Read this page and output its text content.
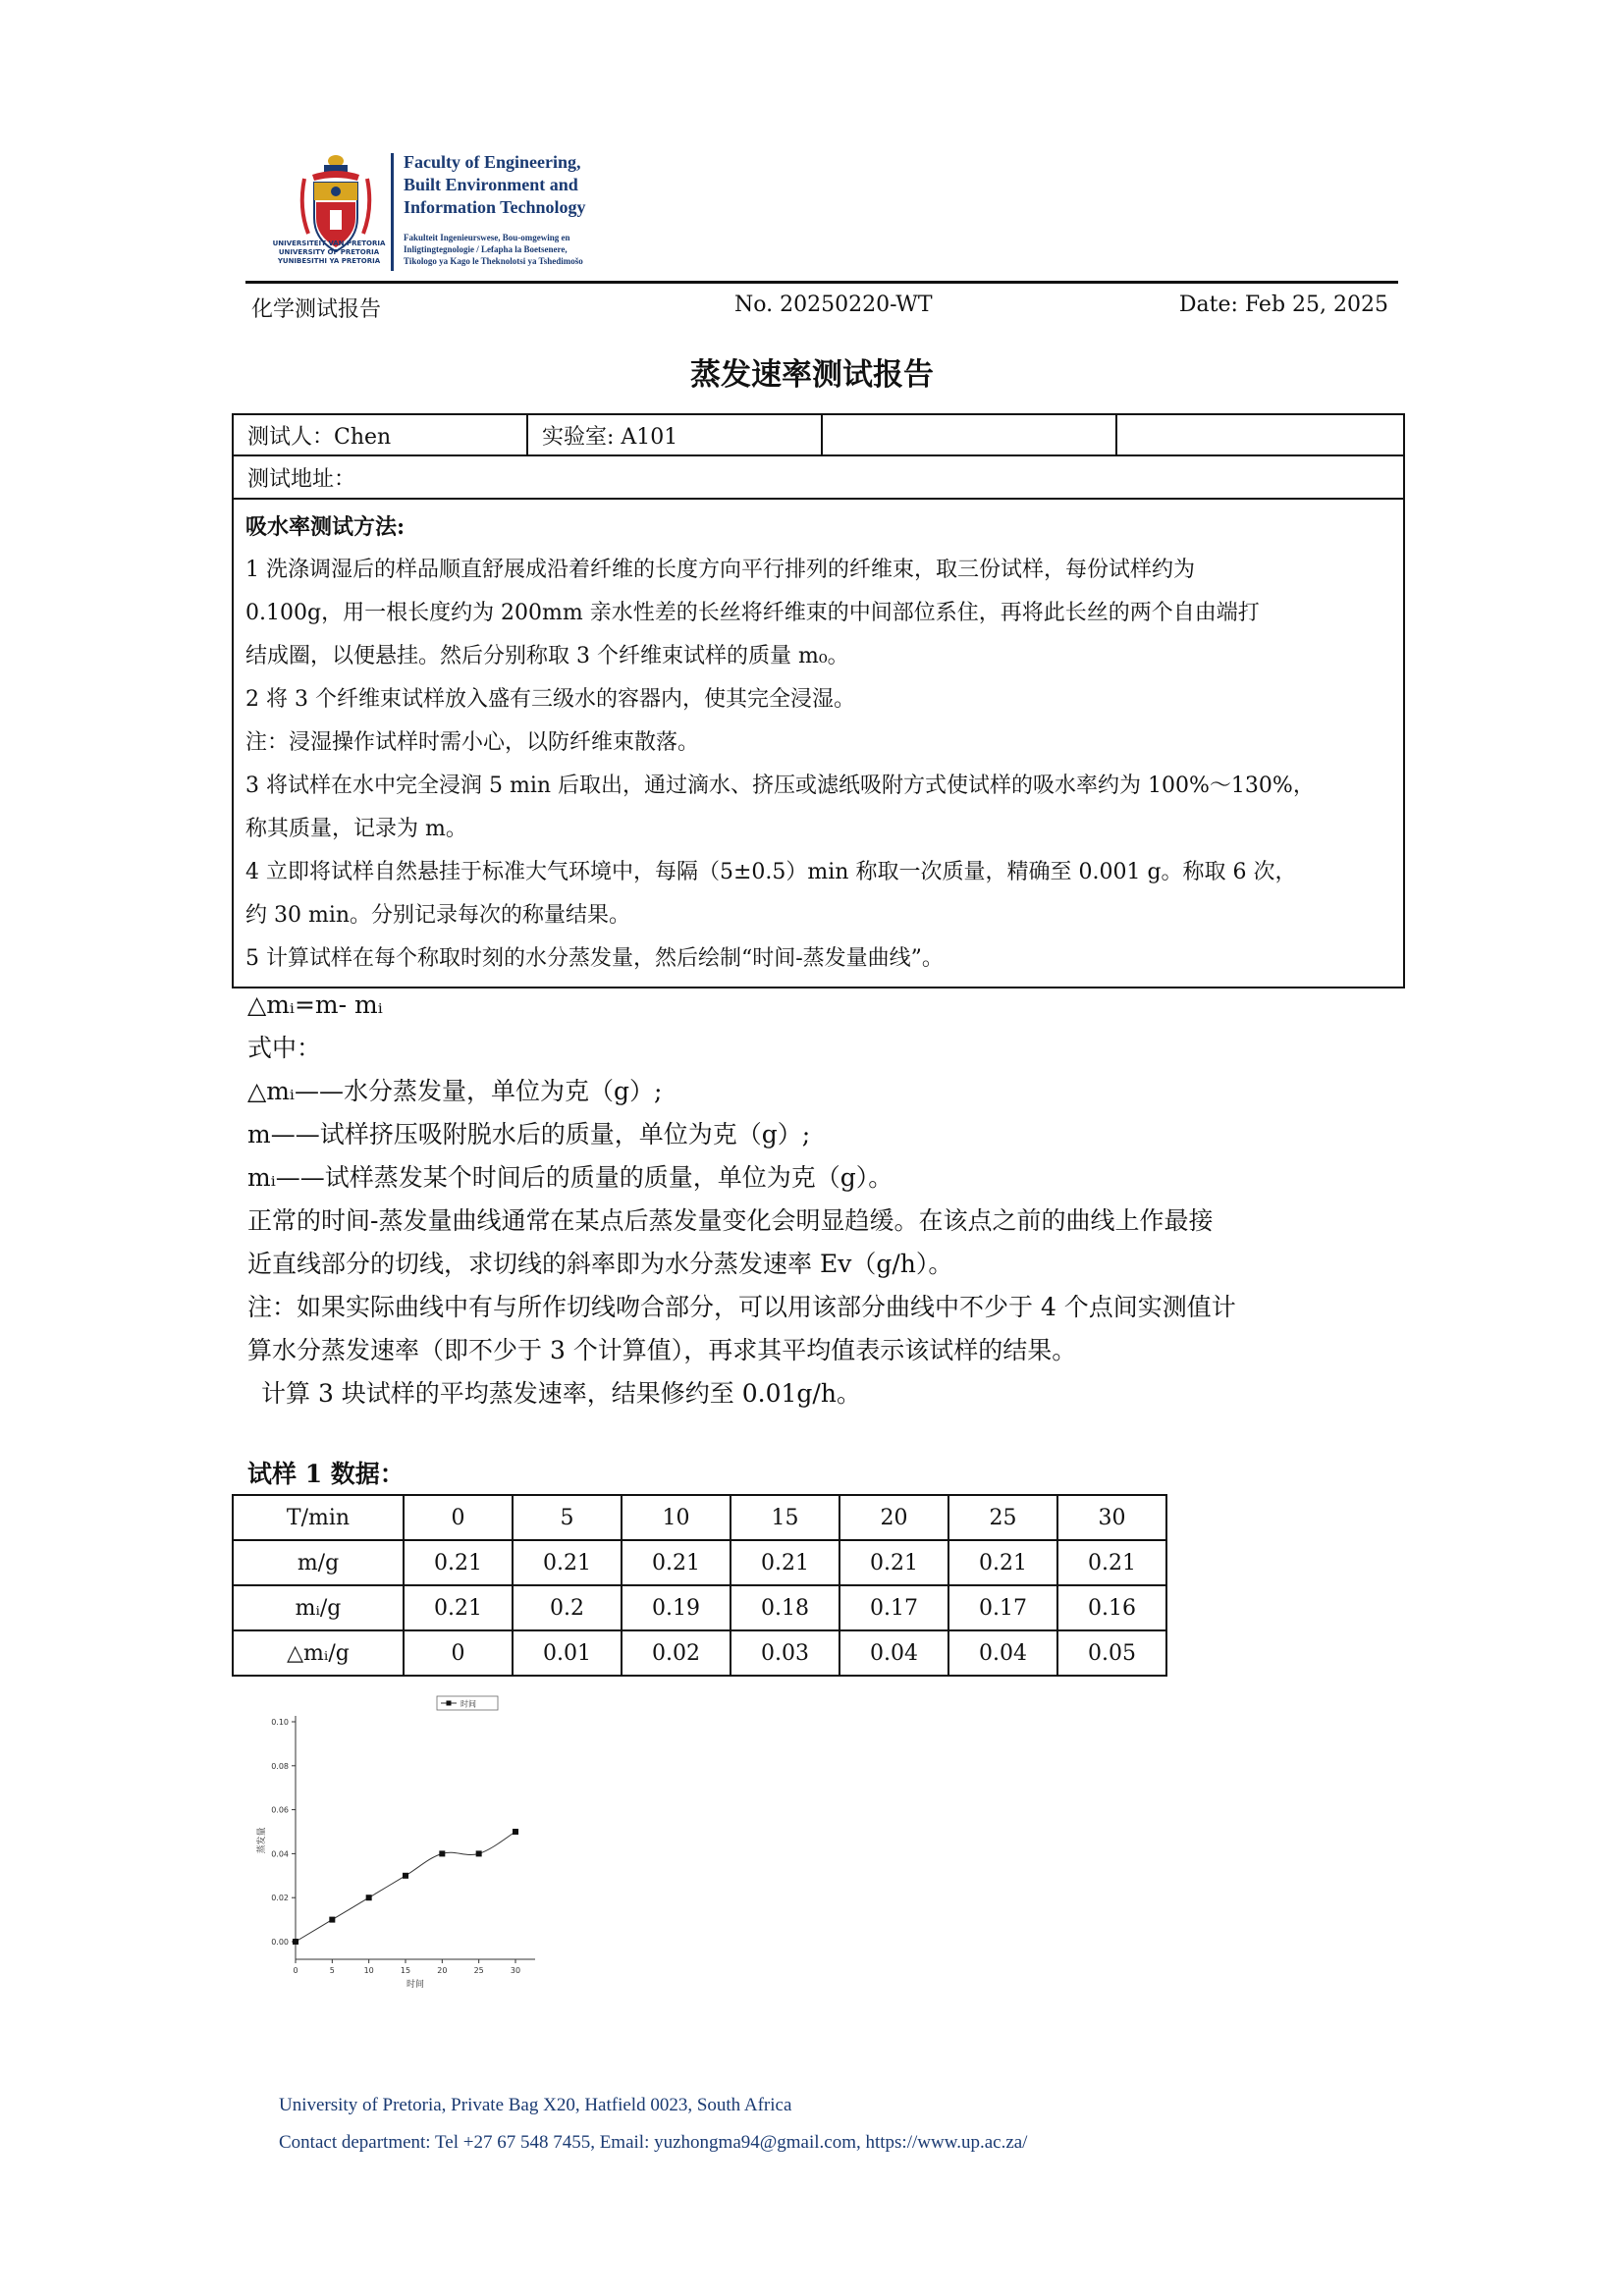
UNIVERSITEIT VAN PRETORIA
UNIVERSITY OF PRETORIA
YUNIBESITHI YA PRETORIA
Faculty of Engineering,
Built Environment and
Information Technology
Fakulteit Ingenieurswese, Bou-omgewing en
Inligtingtegnologie / Lefapha la Boetsenere,
Tikologo ya Kago le Theknolotsi ya Tshedimošo
化学测试报告	No. 20250220-WT	Date: Feb 25, 2025
蒸发速率测试报告
测试人：Chen	实验室: A101		
测试地址：

吸水率测试方法:
1 洗涤调湿后的样品顺直舒展成沿着纤维的长度方向平行排列的纤维束，取三份试样，每份试样约为
0.100g，用一根长度约为 200mm 亲水性差的长丝将纤维束的中间部位系住，再将此长丝的两个自由端打
结成圈，以便悬挂。然后分别称取 3 个纤维束试样的质量 m₀。
2 将 3 个纤维束试样放入盛有三级水的容器内，使其完全浸湿。
注：浸湿操作试样时需小心，以防纤维束散落。
3 将试样在水中完全浸润 5 min 后取出，通过滴水、挤压或滤纸吸附方式使试样的吸水率约为 100%～130%，
称其质量，记录为 m。
4 立即将试样自然悬挂于标准大气环境中，每隔（5±0.5）min 称取一次质量，精确至 0.001 g。称取 6 次，
约 30 min。分别记录每次的称量结果。
5 计算试样在每个称取时刻的水分蒸发量，然后绘制“时间-蒸发量曲线”。
△mᵢ=m- mᵢ
式中：
△mᵢ——水分蒸发量，单位为克（g）;
m——试样挤压吸附脱水后的质量，单位为克（g）;
mᵢ——试样蒸发某个时间后的质量的质量，单位为克（g）。
正常的时间-蒸发量曲线通常在某点后蒸发量变化会明显趋缓。在该点之前的曲线上作最接
近直线部分的切线，求切线的斜率即为水分蒸发速率 Ev（g/h）。
注：如果实际曲线中有与所作切线吻合部分，可以用该部分曲线中不少于 4 个点间实测值计
算水分蒸发速率（即不少于 3 个计算值），再求其平均值表示该试样的结果。
计算 3 块试样的平均蒸发速率，结果修约至 0.01g/h。
试样 1 数据：
T/min	0	5	10	15	20	25	30
m/g	0.21	0.21	0.21	0.21	0.21	0.21	0.21
mᵢ/g	0.21	0.2	0.19	0.18	0.17	0.17	0.16
△mᵢ/g	0	0.01	0.02	0.03	0.04	0.04	0.05
0.00
0.02
0.04
0.06
0.08
0.10
0	5	10	15	20	25	30
时间
蒸发量
时间
University of Pretoria, Private Bag X20, Hatfield 0023, South Africa
Contact department: Tel +27 67 548 7455, Email: yuzhongma94@gmail.com, https://www.up.ac.za/
